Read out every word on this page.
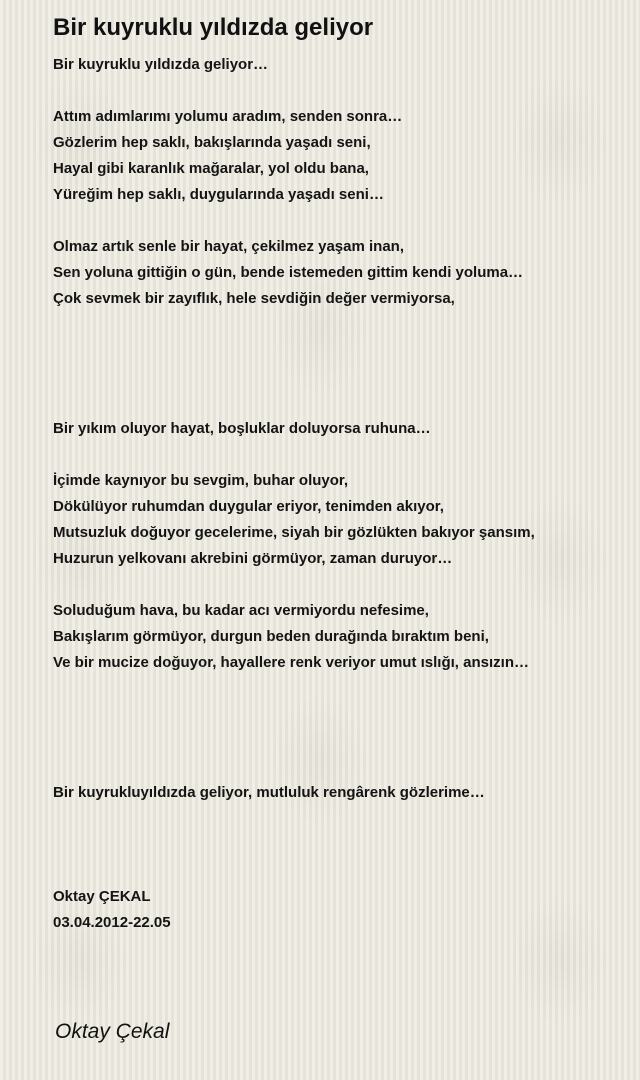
Bir kuyruklu yıldızda geliyor
Bir kuyruklu yıldızda geliyor…
Attım adımlarımı yolumu aradım, senden sonra…
Gözlerim hep saklı, bakışlarında yaşadı seni,
Hayal gibi karanlık mağaralar, yol oldu bana,
Yüreğim hep saklı, duygularında yaşadı seni…
Olmaz artık senle bir hayat, çekilmez yaşam inan,
Sen yoluna gittiğin o gün, bende istemeden gittim kendi yoluma…
Çok sevmek bir zayıflık, hele sevdiğin değer vermiyorsa,
Bir yıkım oluyor hayat, boşluklar doluyorsa ruhuna…
İçimde kaynıyor bu sevgim, buhar oluyor,
Dökülüyor ruhumdan duygular eriyor, tenimden akıyor,
Mutsuzluk doğuyor gecelerime, siyah bir gözlükten bakıyor şansım,
Huzurun yelkovanı akrebini görmüyor, zaman duruyor…
Soluduğum hava, bu kadar acı vermiyordu nefesime,
Bakışlarım görmüyor, durgun beden durağında bıraktım beni,
Ve bir mucize doğuyor, hayallere renk veriyor umut ıslığı, ansızın…
Bir kuyrukluyıldızda geliyor, mutluluk rengârenk gözlerime…
Oktay ÇEKAL
03.04.2012-22.05
Oktay Çekal
